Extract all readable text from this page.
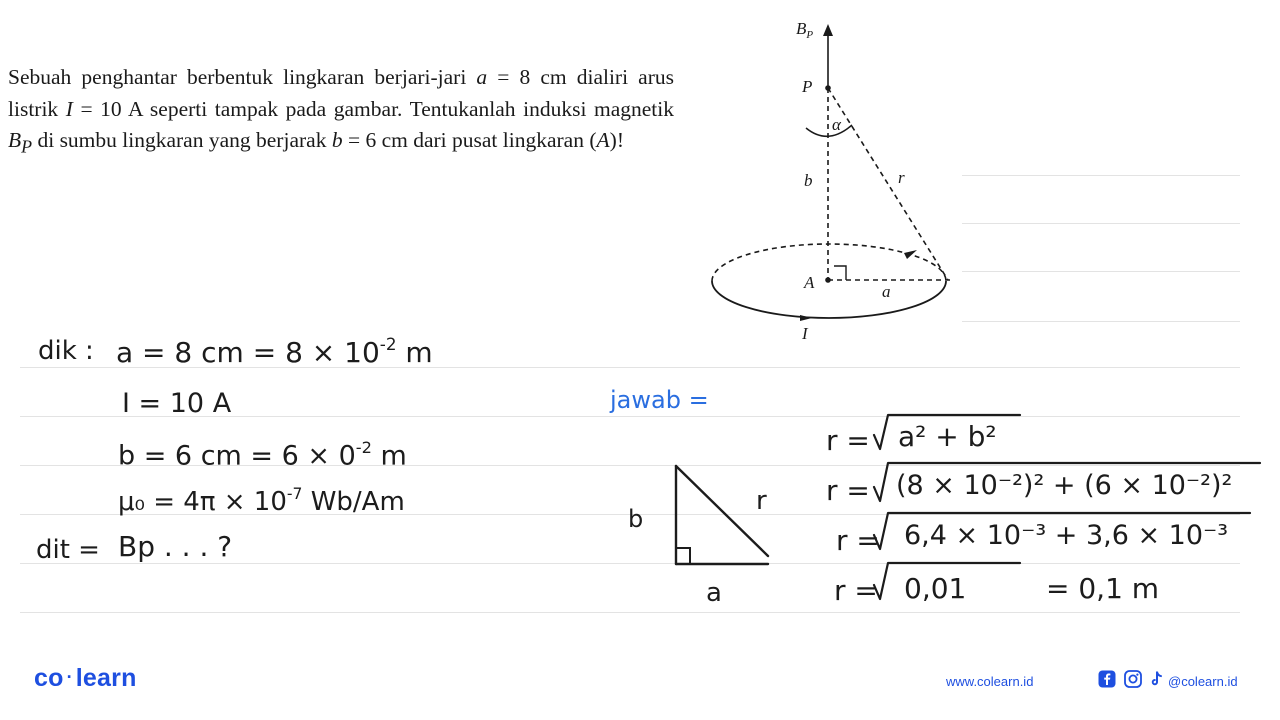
Sebuah penghantar berbentuk lingkaran berjari-jari a = 8 cm dialiri arus listrik I = 10 A seperti tampak pada gambar. Tentukanlah induksi magnetik $B_P$ di sumbu lingkaran yang berjarak b = 6 cm dari pusat lingkaran (A)!
$B_P$
P
α
b	r
A	a
I
dik : a = 8 cm = $8 \times 10^{-2}$ m
I = 10 A
b = 6 cm = $6 \times 0^{-2}$ m
$\mu_0 = 4\pi \times 10^{-7}$ Wb/Am
dit = Bp . . . ?
jawab =
b
r
a
r = a² + b²
r = (8 × 10⁻²)² + (6 × 10⁻²)²
r = 6,4 × 10⁻³ + 3,6 × 10⁻³
r = 0,01	= 0,1 m
co · learn	www.colearn.id	@colearn.id
